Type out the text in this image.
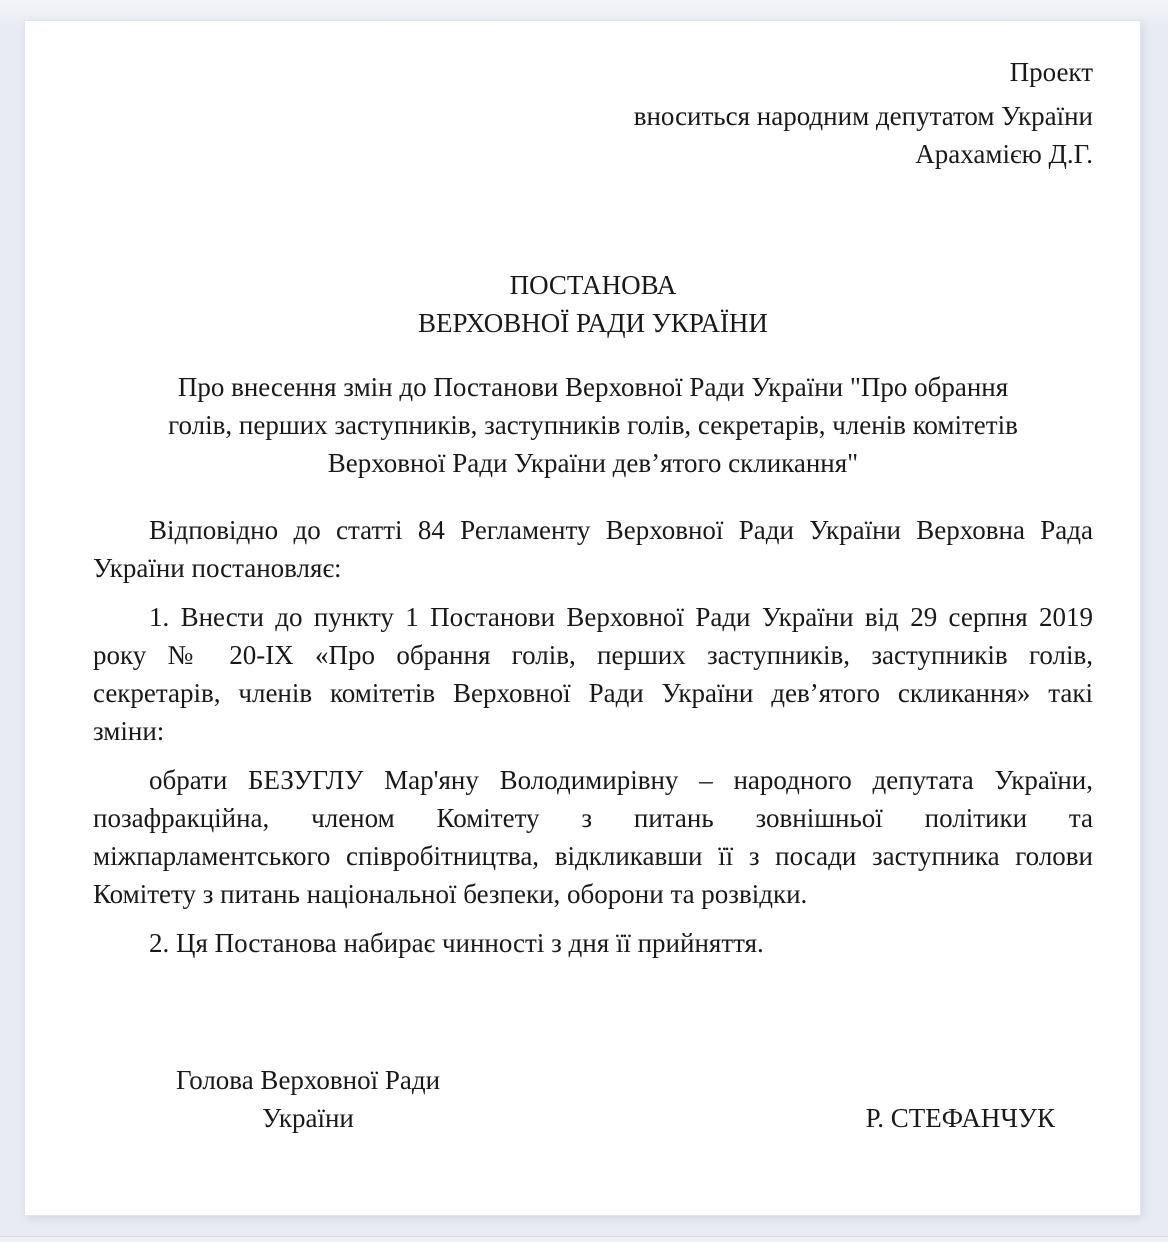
Проект
вноситься народним депутатом України
Арахамією Д.Г.
ПОСТАНОВА
ВЕРХОВНОЇ РАДИ УКРАЇНИ
Про внесення змін до Постанови Верховної Ради України "Про обрання
голів, перших заступників, заступників голів, секретарів, членів комітетів
Верховної Ради України дев’ятого скликання"
Відповідно до статті 84 Регламенту Верховної Ради України Верховна Рада
України постановляє:
1. Внести до пункту 1 Постанови Верховної Ради України від 29 серпня 2019
року № 20-IX «Про обрання голів, перших заступників, заступників голів,
секретарів, членів комітетів Верховної Ради України дев’ятого скликання» такі
зміни:
обрати БЕЗУГЛУ Мар'яну Володимирівну – народного депутата України,
позафракційна, членом Комітету з питань зовнішньої політики та
міжпарламентського співробітництва, відкликавши її з посади заступника голови
Комітету з питань національної безпеки, оборони та розвідки.
2. Ця Постанова набирає чинності з дня її прийняття.
Голова Верховної Ради
України	Р. СТЕФАНЧУК
